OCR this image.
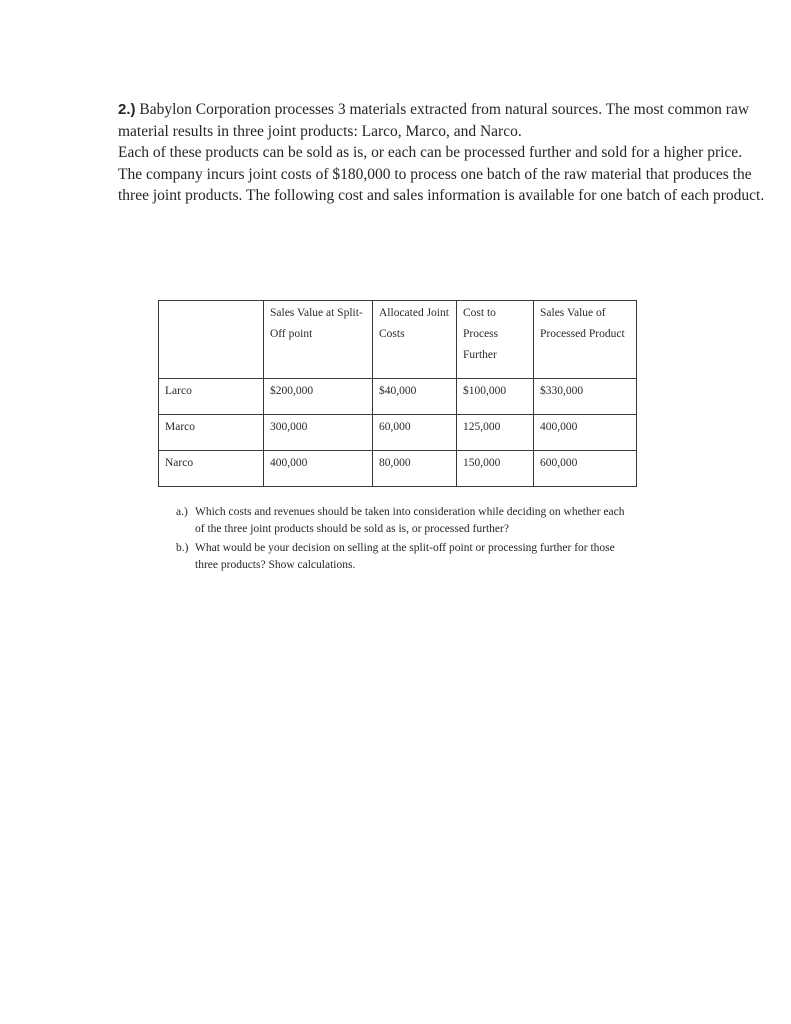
2.) Babylon Corporation processes 3 materials extracted from natural sources. The most common raw material results in three joint products: Larco, Marco, and Narco.

Each of these products can be sold as is, or each can be processed further and sold for a higher price. The company incurs joint costs of $180,000 to process one batch of the raw material that produces the three joint products. The following cost and sales information is available for one batch of each product.

	Sales Value at Split-Off point	Allocated Joint Costs	Cost to Process Further	Sales Value of Processed Product
Larco	$200,000	$40,000	$100,000	$330,000
Marco	300,000	60,000	125,000	400,000
Narco	400,000	80,000	150,000	600,000
a.) Which costs and revenues should be taken into consideration while deciding on whether each of the three joint products should be sold as is, or processed further?
b.) What would be your decision on selling at the split-off point or processing further for those three products? Show calculations.
